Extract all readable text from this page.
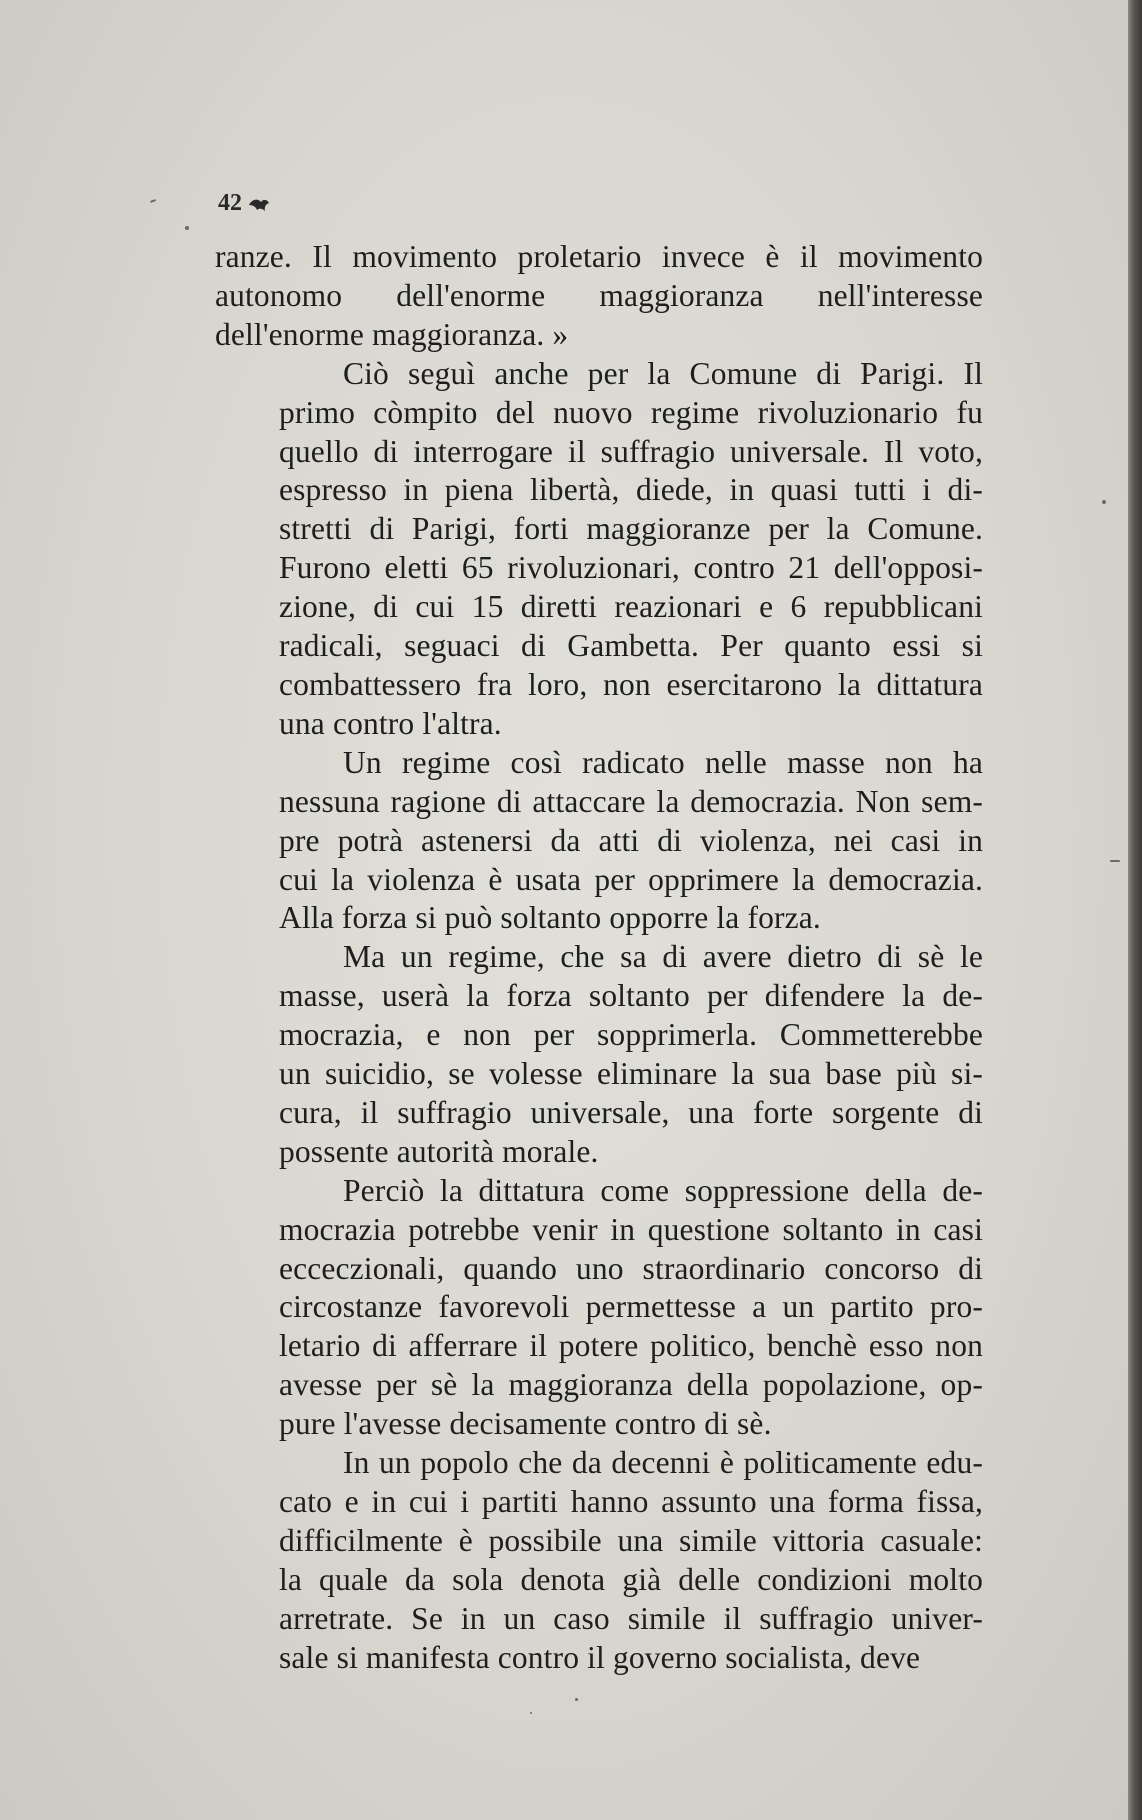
42

ranze. Il movimento proletario invece è il movimento
autonomo dell'enorme maggioranza nell'interesse
dell'enorme maggioranza. »

Ciò seguì anche per la Comune di Parigi. Il
primo còmpito del nuovo regime rivoluzionario fu
quello di interrogare il suffragio universale. Il voto,
espresso in piena libertà, diede, in quasi tutti i di-
stretti di Parigi, forti maggioranze per la Comune.
Furono eletti 65 rivoluzionari, contro 21 dell'opposi-
zione, di cui 15 diretti reazionari e 6 repubblicani
radicali, seguaci di Gambetta. Per quanto essi si
combattessero fra loro, non esercitarono la dittatura
una contro l'altra.

Un regime così radicato nelle masse non ha
nessuna ragione di attaccare la democrazia. Non sem-
pre potrà astenersi da atti di violenza, nei casi in
cui la violenza è usata per opprimere la democrazia.
Alla forza si può soltanto opporre la forza.

Ma un regime, che sa di avere dietro di sè le
masse, userà la forza soltanto per difendere la de-
mocrazia, e non per sopprimerla. Commetterebbe
un suicidio, se volesse eliminare la sua base più si-
cura, il suffragio universale, una forte sorgente di
possente autorità morale.

Perciò la dittatura come soppressione della de-
mocrazia potrebbe venir in questione soltanto in casi
ecceczionali, quando uno straordinario concorso di
circostanze favorevoli permettesse a un partito pro-
letario di afferrare il potere politico, benchè esso non
avesse per sè la maggioranza della popolazione, op-
pure l'avesse decisamente contro di sè.

In un popolo che da decenni è politicamente edu-
cato e in cui i partiti hanno assunto una forma fissa,
difficilmente è possibile una simile vittoria casuale:
la quale da sola denota già delle condizioni molto
arretrate. Se in un caso simile il suffragio univer-
sale si manifesta contro il governo socialista, deve
